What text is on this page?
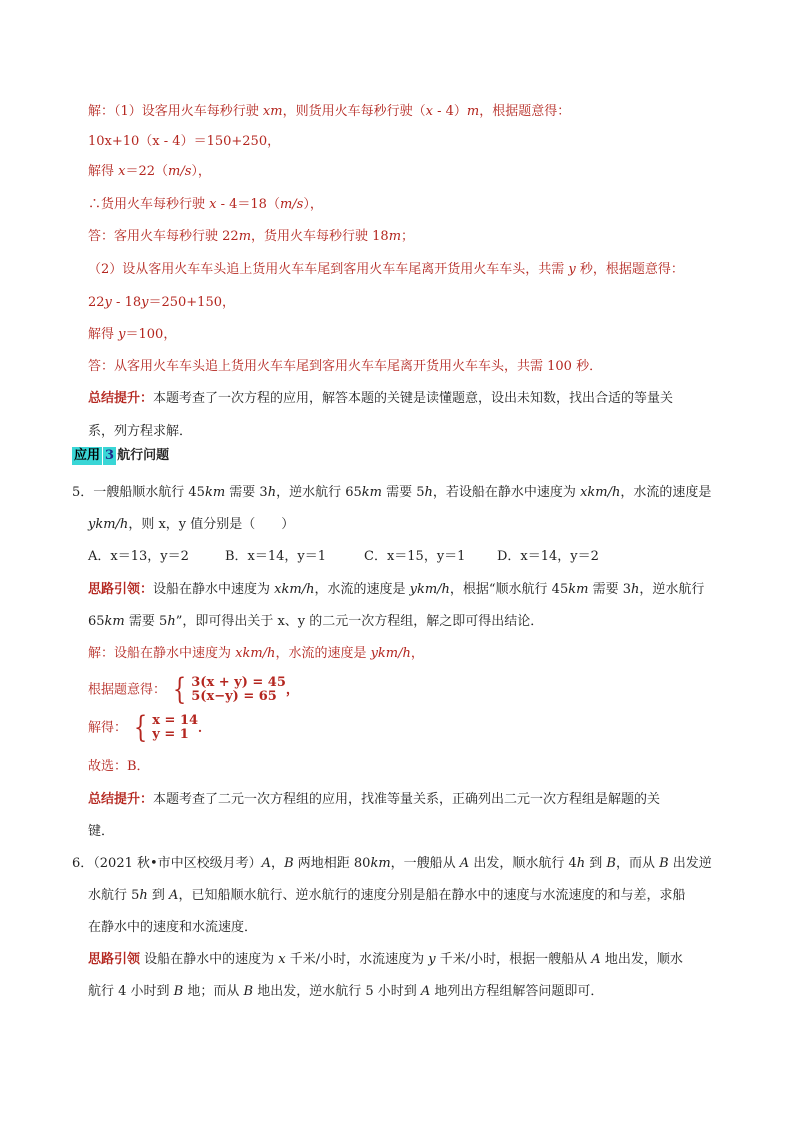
解：（1）设客用火车每秒行驶 xm，则货用火车每秒行驶（x - 4）m，根据题意得：
10x+10（x - 4）＝150+250，
解得 x＝22（m/s），
∴货用火车每秒行驶 x - 4＝18（m/s），
答：客用火车每秒行驶 22m，货用火车每秒行驶 18m；
（2）设从客用火车车头追上货用火车车尾到客用火车车尾离开货用火车车头，共需 y 秒，根据题意得：
22y - 18y＝250+150，
解得 y＝100，
答：从客用火车车头追上货用火车车尾到客用火车车尾离开货用火车车头，共需 100 秒．
总结提升：本题考查了一次方程的应用，解答本题的关键是读懂题意，设出未知数，找出合适的等量关
系，列方程求解．
应用 3 航行问题
5．一艘船顺水航行 45km 需要 3h，逆水航行 65km 需要 5h，若设船在静水中速度为 xkm/h，水流的速度是
ykm/h，则 x，y 值分别是（　　）
A．x＝13，y＝2	B．x＝14，y＝1	C．x＝15，y＝1 D．x＝14，y＝2
思路引领：设船在静水中速度为 xkm/h，水流的速度是 ykm/h，根据“顺水航行 45km 需要 3h，逆水航行
65km 需要 5h”，即可得出关于 x、y 的二元一次方程组，解之即可得出结论．
解：设船在静水中速度为 xkm/h，水流的速度是 ykm/h，
根据题意得： { 3(x + y) = 45
5(x−y) = 65 ，
解得： { x = 14
y = 1 ．
故选：B．
总结提升：本题考查了二元一次方程组的应用，找准等量关系，正确列出二元一次方程组是解题的关
键．
6．（2021 秋•市中区校级月考）A，B 两地相距 80km，一艘船从 A 出发，顺水航行 4h 到 B，而从 B 出发逆
水航行 5h 到 A，已知船顺水航行、逆水航行的速度分别是船在静水中的速度与水流速度的和与差，求船
在静水中的速度和水流速度．
思路引领 设船在静水中的速度为 x 千米/小时，水流速度为 y 千米/小时，根据一艘船从 A 地出发，顺水
航行 4 小时到 B 地；而从 B 地出发，逆水航行 5 小时到 A 地列出方程组解答问题即可．
